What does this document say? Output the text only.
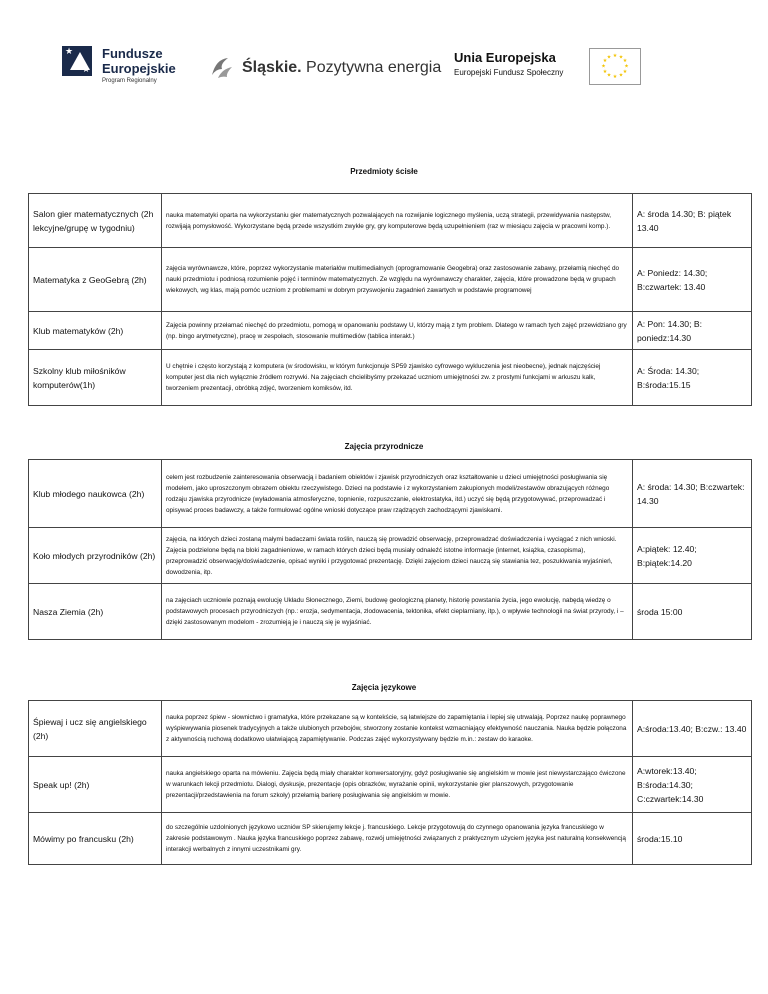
★
★
Fundusze
Europejskie
Program Regionalny
Śląskie. Pozytywna energia
Unia Europejska
Europejski Fundusz Społeczny
★ ★
★
★
★
★
★
★
★
★
★
★
Przedmioty ścisłe
Salon gier matematycznych (2h lekcyjne/grupę w tygodniu)	nauka matematyki oparta na wykorzystaniu gier matematycznych pozwalających na rozwijanie logicznego myślenia, uczą strategii, przewidywania następstw, rozwijają pomysłowość. Wykorzystane będą przede wszystkim zwykłe gry, gry komputerowe będą uzupełnieniem (raz w miesiącu zajęcia w pracowni komp.).	A: środa 14.30; B: piątek 13.40
Matematyka z GeoGebrą (2h)	zajęcia wyrównawcze, które, poprzez wykorzystanie materiałów multimedialnych (oprogramowanie Geogebra) oraz zastosowanie zabawy, przełamią niechęć do nauki przedmiotu i podniosą rozumienie pojęć i terminów matematycznych. Ze względu na wyrównawczy charakter, zajęcia, które prowadzone będą w grupach wiekowych, wg klas, mają pomóc uczniom z problemami w dobrym przyswojeniu zagadnień zawartych w podstawie programowej	A: Poniedz: 14.30; B:czwartek: 13.40
Klub matematyków (2h)	Zajęcia powinny przełamać niechęć do przedmiotu, pomogą w opanowaniu podstawy U, którzy mają z tym problem. Dlatego w ramach tych zajęć przewidziano gry (np. bingo arytmetyczne), pracę w zespołach, stosowanie multimediów (tablica interakt.)	A: Pon: 14.30; B: poniedz:14.30
Szkolny klub miłośników komputerów(1h)	U chętnie i często korzystają z komputera (w środowisku, w którym funkcjonuje SP59 zjawisko cyfrowego wykluczenia jest nieobecne), jednak najczęściej komputer jest dla nich wyłącznie źródłem rozrywki. Na zajęciach chcielibyśmy przekazać uczniom umiejętności zw. z prostymi funkcjami w arkuszu kalk, tworzeniem prezentacji, obróbką zdjęć, tworzeniem komiksów, itd.	A: Środa: 14.30; B:środa:15.15
Zajęcia przyrodnicze
Klub młodego naukowca (2h)	celem jest rozbudzenie zainteresowania obserwacją i badaniem obiektów i zjawisk przyrodniczych oraz kształtowanie u dzieci umiejętności posługiwania się modelem, jako uproszczonym obrazem obiektu rzeczywistego. Dzieci na podstawie i z wykorzystaniem zakupionych modeli/zestawów obrazujących różnego rodzaju zjawiska przyrodnicze (wyładowania atmosferyczne, topnienie, rozpuszczanie, elektrostatyka, itd.) uczyć się będą przygotowywać, przeprowadzać i opisywać proces badawczy, a także formułować ogólne wnioski dotyczące praw rządzących zachodzącymi zjawiskami.	A: środa: 14.30; B:czwartek: 14.30
Koło młodych przyrodników (2h)	zajęcia, na których dzieci zostaną małymi badaczami świata roślin, nauczą się prowadzić obserwację, przeprowadzać doświadczenia i wyciągać z nich wnioski. Zajęcia podzielone będą na bloki zagadnieniowe, w ramach których dzieci będą musiały odnaleźć istotne informacje (internet, książka, czasopisma), przeprowadzić obserwację/doświadczenie, opisać wyniki i przygotować prezentację. Dzięki zajęciom dzieci nauczą się stawiania tez, poszukiwania wyjaśnień, dowodzenia, itp.	A:piątek: 12.40; B:piątek:14.20
Nasza Ziemia (2h)	na zajęciach uczniowie poznają ewolucję Układu Słonecznego, Ziemi, budowę geologiczną planety, historię powstania życia, jego ewolucję, nabędą wiedzę o podstawowych procesach przyrodniczych (np.: erozja, sedymentacja, zlodowacenia, tektonika, efekt cieplarniany, itp.), o wpływie technologii na świat przyrody, i – dzięki zastosowanym modelom - zrozumieją je i nauczą się je wyjaśniać.	środa 15:00
Zajęcia językowe
Śpiewaj i ucz się angielskiego (2h)	nauka poprzez śpiew - słownictwo i gramatyka, które przekazane są w kontekście, są łatwiejsze do zapamiętania i lepiej się utrwalają. Poprzez naukę poprawnego wyśpiewywania piosenek tradycyjnych a także ulubionych przebojów, stworzony zostanie kontekst wzmacniający efektywność nauczania. Nauka będzie połączona z aktywnością ruchową dodatkowo ułatwiającą zapamiętywanie. Podczas zajęć wykorzystywany będzie m.in.: zestaw do karaoke.	A:środa:13.40; B:czw.: 13.40
Speak up! (2h)	nauka angielskiego oparta na mówieniu. Zajęcia będą miały charakter konwersatoryjny, gdyż posługiwanie się angielskim w mowie jest niewystarczająco ćwiczone w warunkach lekcji przedmiotu. Dialogi, dyskusje, prezentacje (opis obrazków, wyrażanie opinii, wykorzystanie gier planszowych, przygotowanie prezentacji/przedstawienia na forum szkoły) przełamią barierę posługiwania się angielskim w mowie.	A:wtorek:13.40; B:środa:14.30; C:czwartek:14.30
Mówimy po francusku (2h)	do szczególnie uzdolnionych językowo uczniów SP skierujemy lekcje j. francuskiego. Lekcje przygotowują do czynnego opanowania języka francuskiego w zakresie podstawowym . Nauka języka francuskiego poprzez zabawę, rozwój umiejętności związanych z praktycznym użyciem języka jest naturalną konsekwencją interakcji werbalnych z innymi uczestnikami gry.	środa:15.10
